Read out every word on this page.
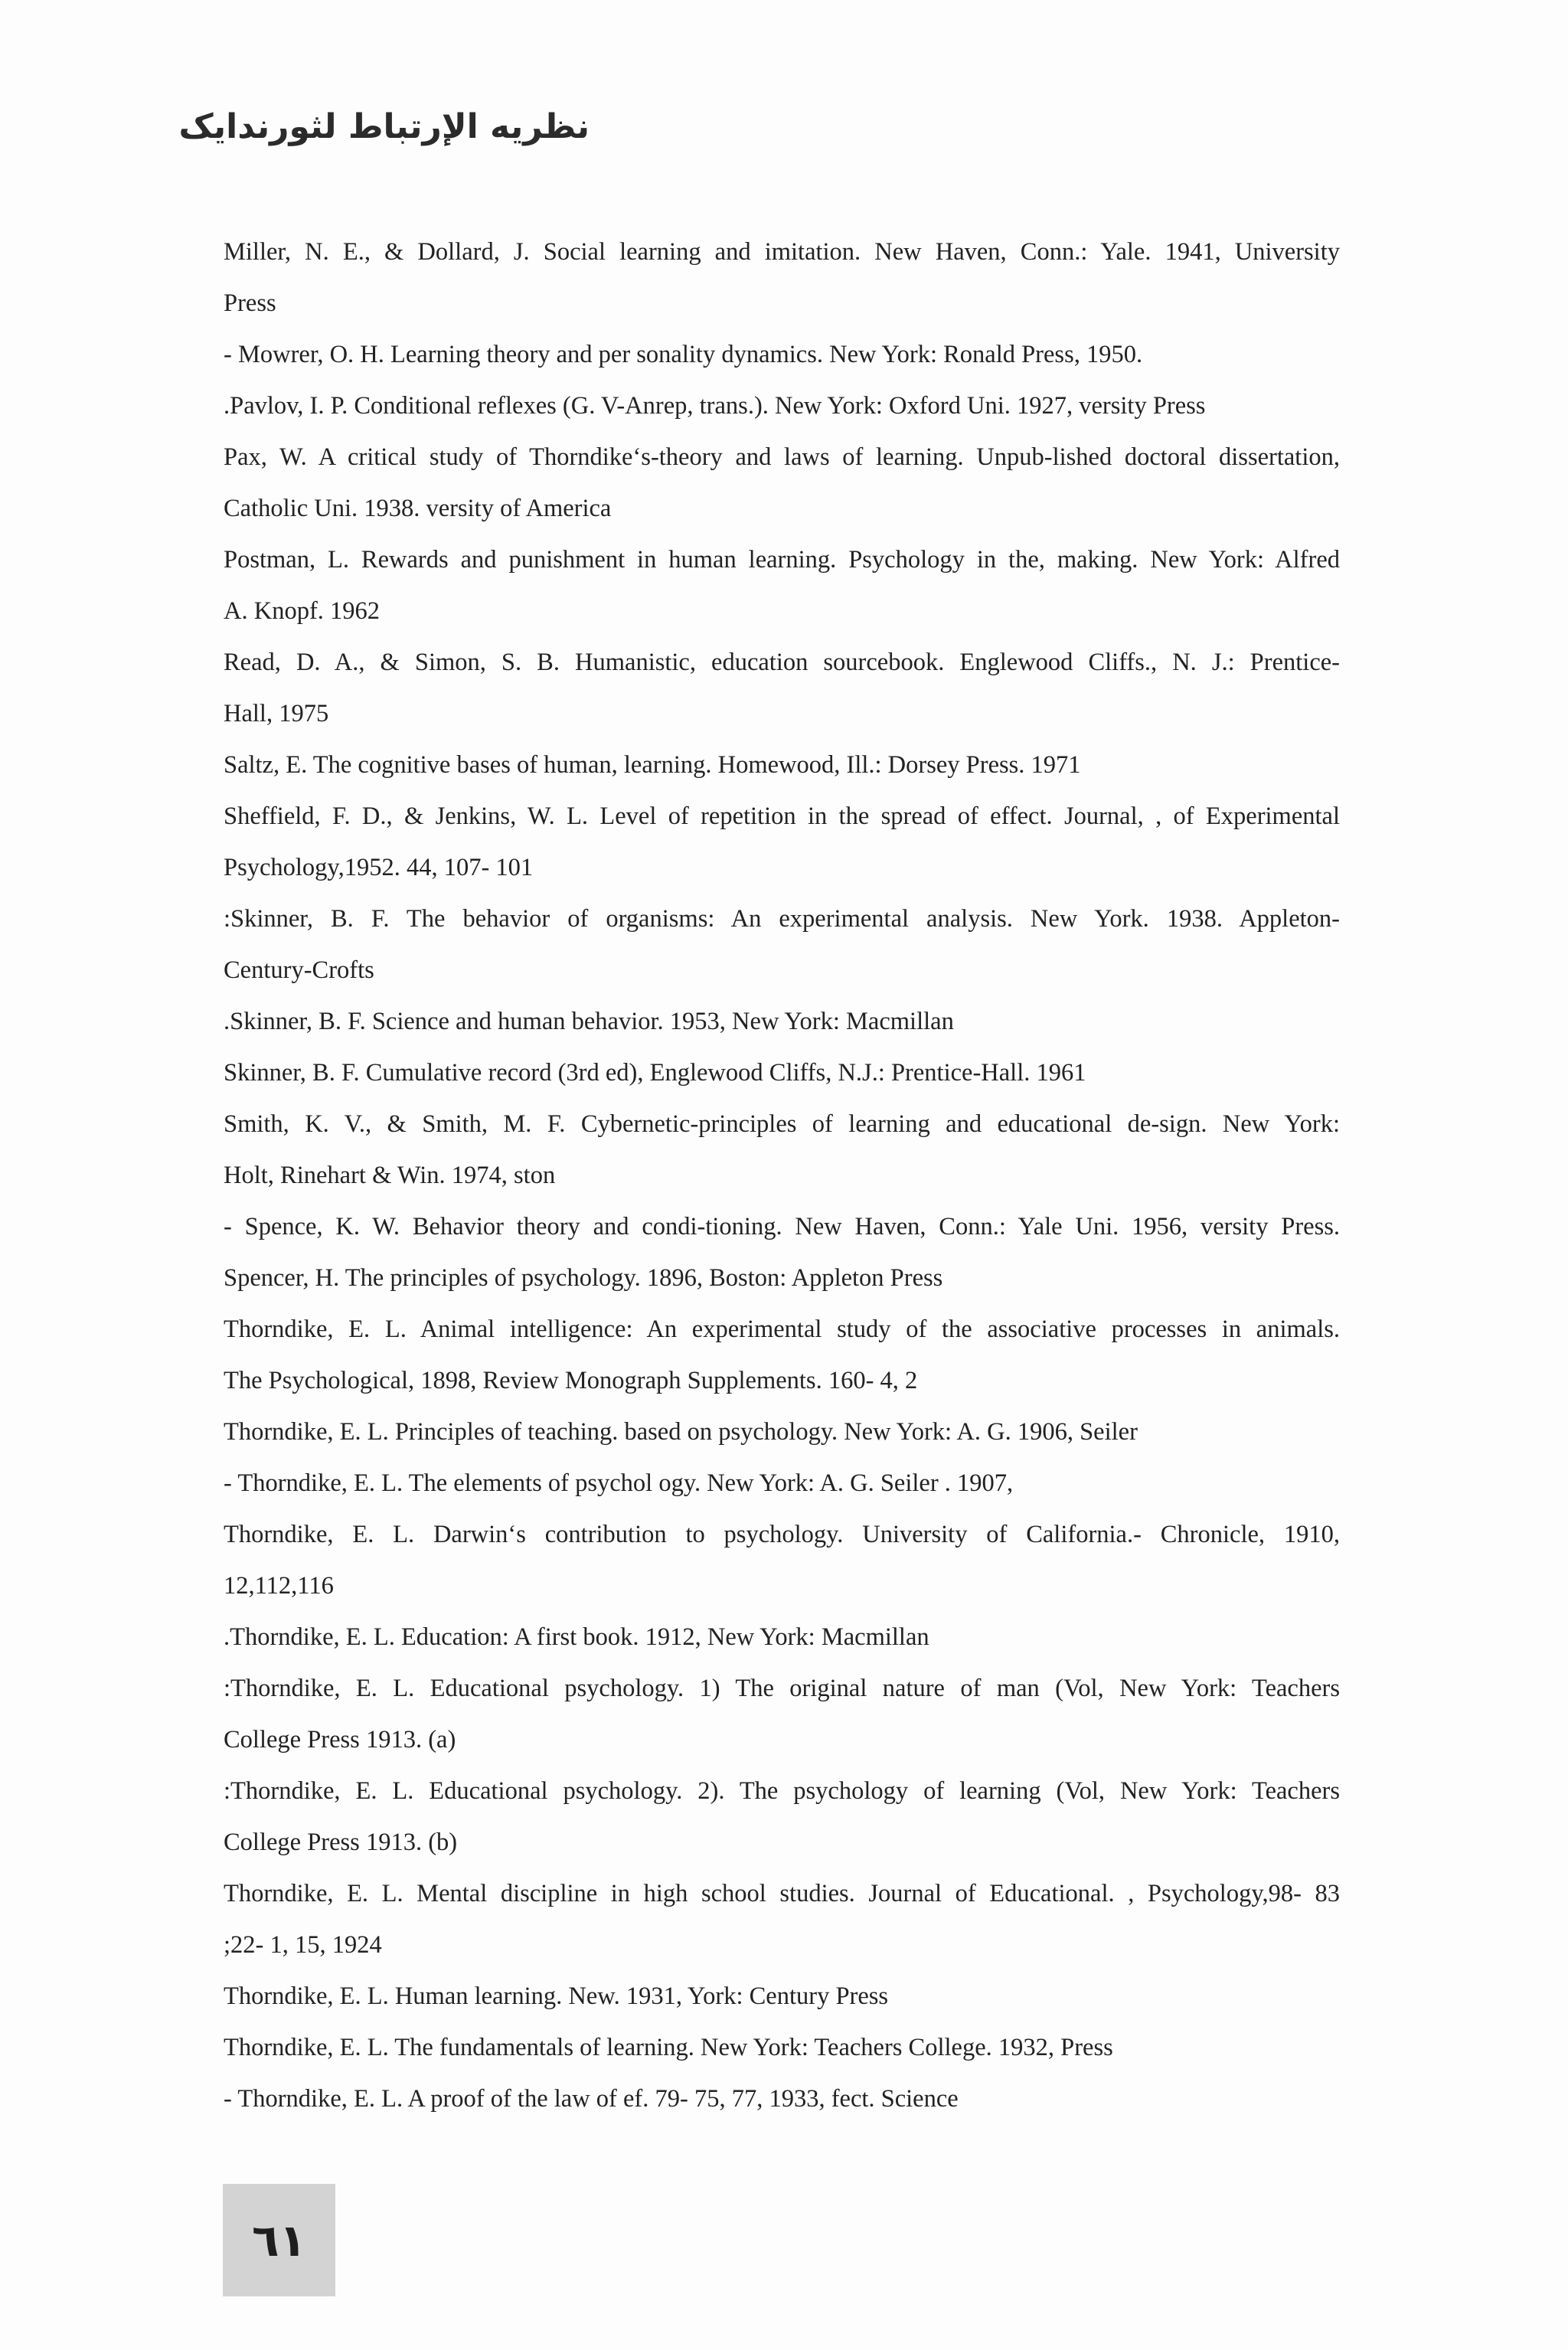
نظريه الإرتباط لثورندايک
Miller, N. E., & Dollard, J. Social learning and imitation. New Haven, Conn.: Yale. 1941, University
Press
- Mowrer, O. H. Learning theory and per sonality dynamics. New York: Ronald Press, 1950.
.Pavlov, I. P. Conditional reflexes (G. V-Anrep, trans.). New York: Oxford Uni. 1927, versity Press
Pax, W. A critical study of Thorndike‘s-theory and laws of learning. Unpub-lished doctoral dissertation,
Catholic Uni. 1938. versity of America
Postman, L. Rewards and punishment in human learning. Psychology in the, making. New York: Alfred
A. Knopf. 1962
Read, D. A., & Simon, S. B. Humanistic, education sourcebook. Englewood Cliffs., N. J.: Prentice-
Hall, 1975
Saltz, E. The cognitive bases of human, learning. Homewood, Ill.: Dorsey Press. 1971
Sheffield, F. D., & Jenkins, W. L. Level of repetition in the spread of effect. Journal, , of Experimental
Psychology,1952. 44, 107- 101
:Skinner, B. F. The behavior of organisms: An experimental analysis. New York. 1938. Appleton-
Century-Crofts
.Skinner, B. F. Science and human behavior. 1953, New York: Macmillan
Skinner, B. F. Cumulative record (3rd ed), Englewood Cliffs, N.J.: Prentice-Hall. 1961
Smith, K. V., & Smith, M. F. Cybernetic-principles of learning and educational de-sign. New York:
Holt, Rinehart & Win. 1974, ston
- Spence, K. W. Behavior theory and condi-tioning. New Haven, Conn.: Yale Uni. 1956, versity Press.
Spencer, H. The principles of psychology. 1896, Boston: Appleton Press
Thorndike, E. L. Animal intelligence: An experimental study of the associative processes in animals.
The Psychological, 1898, Review Monograph Supplements. 160- 4, 2
Thorndike, E. L. Principles of teaching. based on psychology. New York: A. G. 1906, Seiler
- Thorndike, E. L. The elements of psychol ogy. New York: A. G. Seiler . 1907,
Thorndike, E. L. Darwin‘s contribution to psychology. University of California.- Chronicle, 1910,
12,112,116
.Thorndike, E. L. Education: A first book. 1912, New York: Macmillan
:Thorndike, E. L. Educational psychology. 1) The original nature of man (Vol, New York: Teachers
College Press 1913. (a)
:Thorndike, E. L. Educational psychology. 2). The psychology of learning (Vol, New York: Teachers
College Press 1913. (b)
Thorndike, E. L. Mental discipline in high school studies. Journal of Educational. , Psychology,98- 83
;22- 1, 15, 1924
Thorndike, E. L. Human learning. New. 1931, York: Century Press
Thorndike, E. L. The fundamentals of learning. New York: Teachers College. 1932, Press
- Thorndike, E. L. A proof of the law of ef. 79- 75, 77, 1933, fect. Science
٦١
